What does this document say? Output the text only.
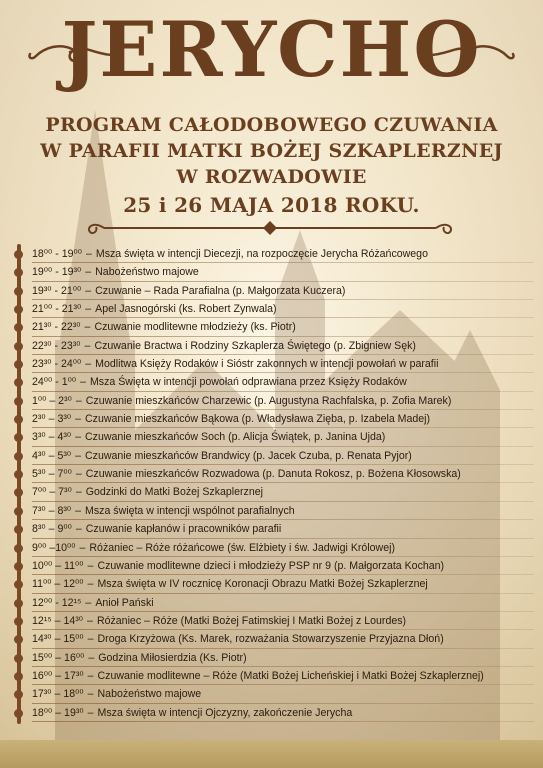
JERYCHO
PROGRAM CAŁODOBOWEGO CZUWANIA
W PARAFII MATKI BOŻEJ SZKAPLERZNEJ
W ROZWADOWIE
25 i 26 MAJA 2018 ROKU.
18⁰⁰ - 19⁰⁰ – Msza święta w intencji Diecezji, na rozpoczęcie Jerycha Różańcowego
19⁰⁰ - 19³⁰ – Nabożeństwo majowe
19³⁰ - 21⁰⁰ – Czuwanie – Rada Parafialna (p. Małgorzata Kuczera)
21⁰⁰ - 21³⁰ – Apel Jasnogórski (ks. Robert Zynwala)
21³⁰ - 22³⁰ – Czuwanie modlitewne młodzieży (ks. Piotr)
22³⁰ - 23³⁰ – Czuwanie Bractwa i Rodziny Szkaplerza Świętego (p. Zbigniew Sęk)
23³⁰ - 24⁰⁰ – Modlitwa Księży Rodaków i Sióstr zakonnych w intencji powołań w parafii
24⁰⁰ - 1⁰⁰ – Msza Święta w intencji powołań odprawiana przez Księży Rodaków
1⁰⁰ – 2³⁰ – Czuwanie mieszkańców Charzewic (p. Augustyna Rachfalska, p. Zofia Marek)
2³⁰ – 3³⁰ – Czuwanie mieszkańców Bąkowa (p. Władysława Zięba, p. Izabela Madej)
3³⁰ – 4³⁰ – Czuwanie mieszkańców Soch (p. Alicja Świątek, p. Janina Ujda)
4³⁰ – 5³⁰ – Czuwanie mieszkańców Brandwicy (p. Jacek Czuba, p. Renata Pyjor)
5³⁰ – 7⁰⁰ – Czuwanie mieszkańców Rozwadowa (p. Danuta Rokosz, p. Bożena Kłosowska)
7⁰⁰ – 7³⁰ – Godzinki do Matki Bożej Szkaplerznej
7³⁰ – 8³⁰ – Msza święta w intencji wspólnot parafialnych
8³⁰ – 9⁰⁰ – Czuwanie kapłanów i pracowników parafii
9⁰⁰ –10⁰⁰ – Różaniec – Róże różańcowe (św. Elżbiety i św. Jadwigi Królowej)
10⁰⁰ – 11⁰⁰ – Czuwanie modlitewne dzieci i młodzieży PSP nr 9 (p. Małgorzata Kochan)
11⁰⁰ – 12⁰⁰ – Msza święta w IV rocznicę Koronacji Obrazu Matki Bożej Szkaplerznej
12⁰⁰ - 12¹⁵ – Anioł Pański
12¹⁵ – 14³⁰ – Różaniec – Róże (Matki Bożej Fatimskiej I Matki Bożej z Lourdes)
14³⁰ – 15⁰⁰ – Droga Krzyżowa (Ks. Marek, rozważania Stowarzyszenie Przyjazna Dłoń)
15⁰⁰ – 16⁰⁰ – Godzina Miłosierdzia (Ks. Piotr)
16⁰⁰ – 17³⁰ – Czuwanie modlitewne – Róże (Matki Bożej Licheńskiej i Matki Bożej Szkaplerznej)
17³⁰ – 18⁰⁰ – Nabożeństwo majowe
18⁰⁰ – 19³⁰ – Msza święta w intencji Ojczyzny, zakończenie Jerycha
